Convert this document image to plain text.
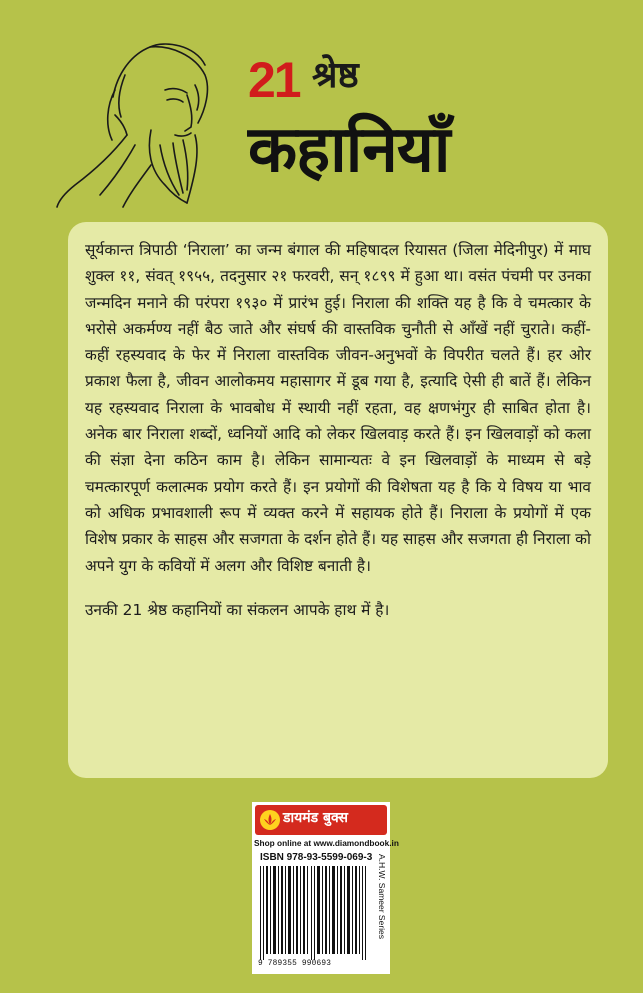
21 श्रेष्ठ
कहानियाँ

सूर्यकान्त त्रिपाठी ‘निराला’ का जन्म बंगाल की महिषादल रियासत (जिला मेदिनीपुर) में माघ शुक्ल ११, संवत् १९५५, तदनुसार २१ फरवरी, सन् १८९९ में हुआ था। वसंत पंचमी पर उनका जन्मदिन मनाने की परंपरा १९३० में प्रारंभ हुई। निराला की शक्ति यह है कि वे चमत्कार के भरोसे अकर्मण्य नहीं बैठ जाते और संघर्ष की वास्तविक चुनौती से आँखें नहीं चुराते। कहीं-कहीं रहस्यवाद के फेर में निराला वास्तविक जीवन-अनुभवों के विपरीत चलते हैं। हर ओर प्रकाश फैला है, जीवन आलोकमय महासागर में डूब गया है, इत्यादि ऐसी ही बातें हैं। लेकिन यह रहस्यवाद निराला के भावबोध में स्थायी नहीं रहता, वह क्षणभंगुर ही साबित होता है। अनेक बार निराला शब्दों, ध्वनियों आदि को लेकर खिलवाड़ करते हैं। इन खिलवाड़ों को कला की संज्ञा देना कठिन काम है। लेकिन सामान्यतः वे इन खिलवाड़ों के माध्यम से बड़े चमत्कारपूर्ण कलात्मक प्रयोग करते हैं। इन प्रयोगों की विशेषता यह है कि ये विषय या भाव को अधिक प्रभावशाली रूप में व्यक्त करने में सहायक होते हैं। निराला के प्रयोगों में एक विशेष प्रकार के साहस और सजगता के दर्शन होते हैं। यह साहस और सजगता ही निराला को अपने युग के कवियों में अलग और विशिष्ट बनाती है।

उनकी 21 श्रेष्ठ कहानियों का संकलन आपके हाथ में है।

डायमंड बुक्स
Shop online at www.diamondbook.in
ISBN 978-93-5599-069-3
9 789355 990693
A.H.W. Sameer Series
